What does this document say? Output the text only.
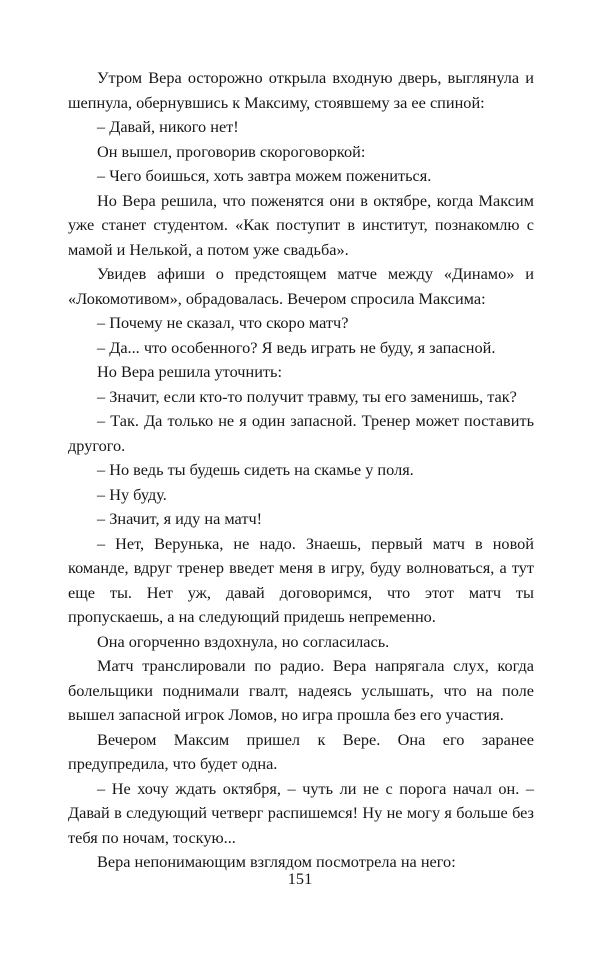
Утром Вера осторожно открыла входную дверь, выглянула и шепнула, обернувшись к Максиму, стоявшему за ее спиной:

– Давай, никого нет!

Он вышел, проговорив скороговоркой:

– Чего боишься, хоть завтра можем пожениться.

Но Вера решила, что поженятся они в октябре, когда Максим уже станет студентом. «Как поступит в институт, познакомлю с мамой и Нелькой, а потом уже свадьба».

Увидев афиши о предстоящем матче между «Динамо» и «Локомотивом», обрадовалась. Вечером спросила Максима:

– Почему не сказал, что скоро матч?

– Да... что особенного? Я ведь играть не буду, я запасной.

Но Вера решила уточнить:

– Значит, если кто-то получит травму, ты его заменишь, так?

– Так. Да только не я один запасной. Тренер может поставить другого.

– Но ведь ты будешь сидеть на скамье у поля.

– Ну буду.

– Значит, я иду на матч!

– Нет, Верунька, не надо. Знаешь, первый матч в новой команде, вдруг тренер введет меня в игру, буду волноваться, а тут еще ты. Нет уж, давай договоримся, что этот матч ты пропускаешь, а на следующий придешь непременно.

Она огорченно вздохнула, но согласилась.

Матч транслировали по радио. Вера напрягала слух, когда болельщики поднимали гвалт, надеясь услышать, что на поле вышел запасной игрок Ломов, но игра прошла без его участия.

Вечером Максим пришел к Вере. Она его заранее предупредила, что будет одна.

– Не хочу ждать октября, – чуть ли не с порога начал он. – Давай в следующий четверг распишемся! Ну не могу я больше без тебя по ночам, тоскую...

Вера непонимающим взглядом посмотрела на него:

151
